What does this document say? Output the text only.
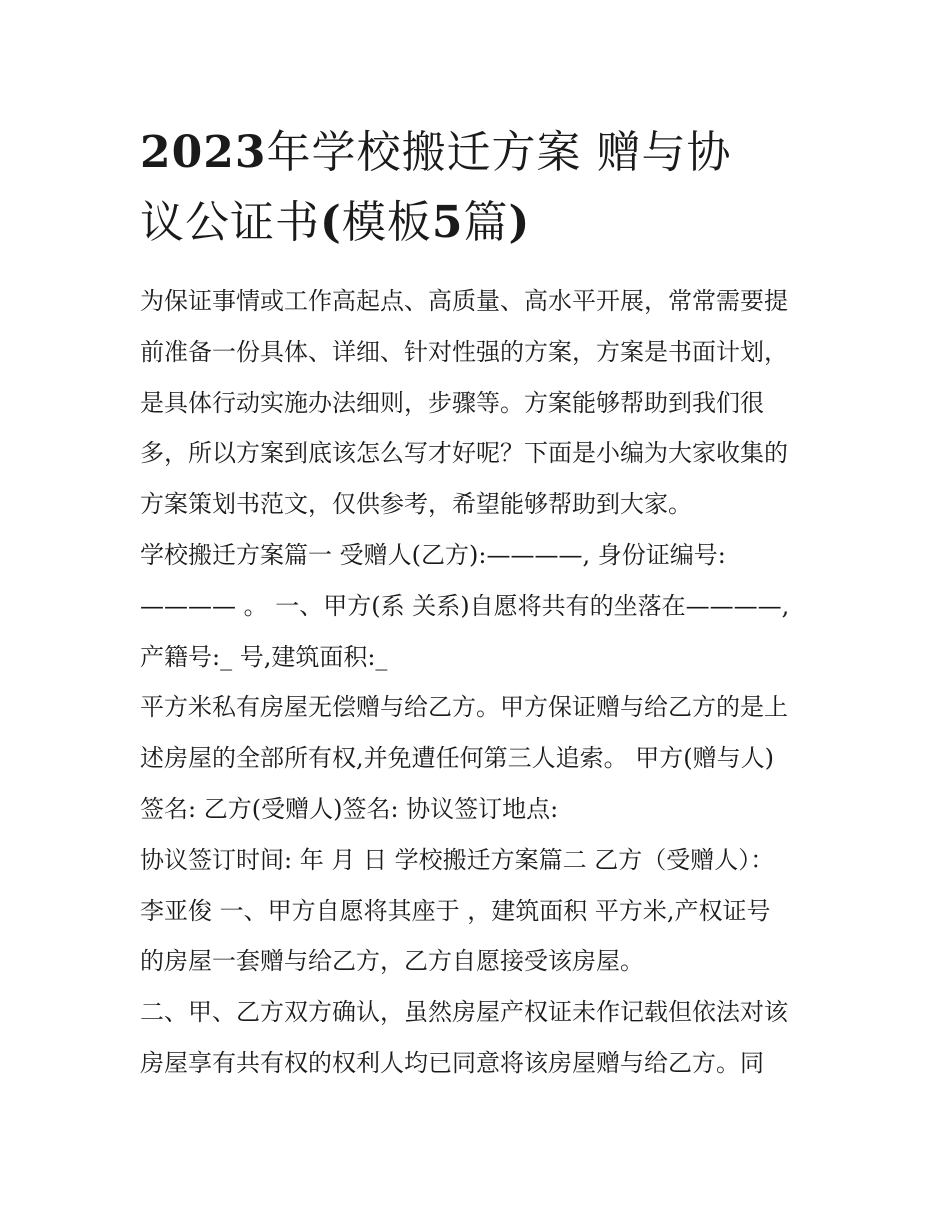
2023年学校搬迁方案 赠与协
议公证书(模板5篇)
为保证事情或工作高起点、高质量、高水平开展，常常需要提
前准备一份具体、详细、针对性强的方案，方案是书面计划，
是具体行动实施办法细则，步骤等。方案能够帮助到我们很
多，所以方案到底该怎么写才好呢？下面是小编为大家收集的
方案策划书范文，仅供参考，希望能够帮助到大家。
学校搬迁方案篇一 受赠人(乙方):————, 身份证编号:
———— 。 一、甲方(系 关系)自愿将共有的坐落在————,
产籍号:_ 号,建筑面积:_
平方米私有房屋无偿赠与给乙方。甲方保证赠与给乙方的是上
述房屋的全部所有权,并免遭任何第三人追索。 甲方(赠与人)
签名: 乙方(受赠人)签名: 协议签订地点:
协议签订时间: 年 月 日 学校搬迁方案篇二 乙方（受赠人）：
李亚俊 一、甲方自愿将其座于 ，建筑面积 平方米,产权证号
的房屋一套赠与给乙方，乙方自愿接受该房屋。
二、甲、乙方双方确认，虽然房屋产权证未作记载但依法对该
房屋享有共有权的权利人均已同意将该房屋赠与给乙方。同
